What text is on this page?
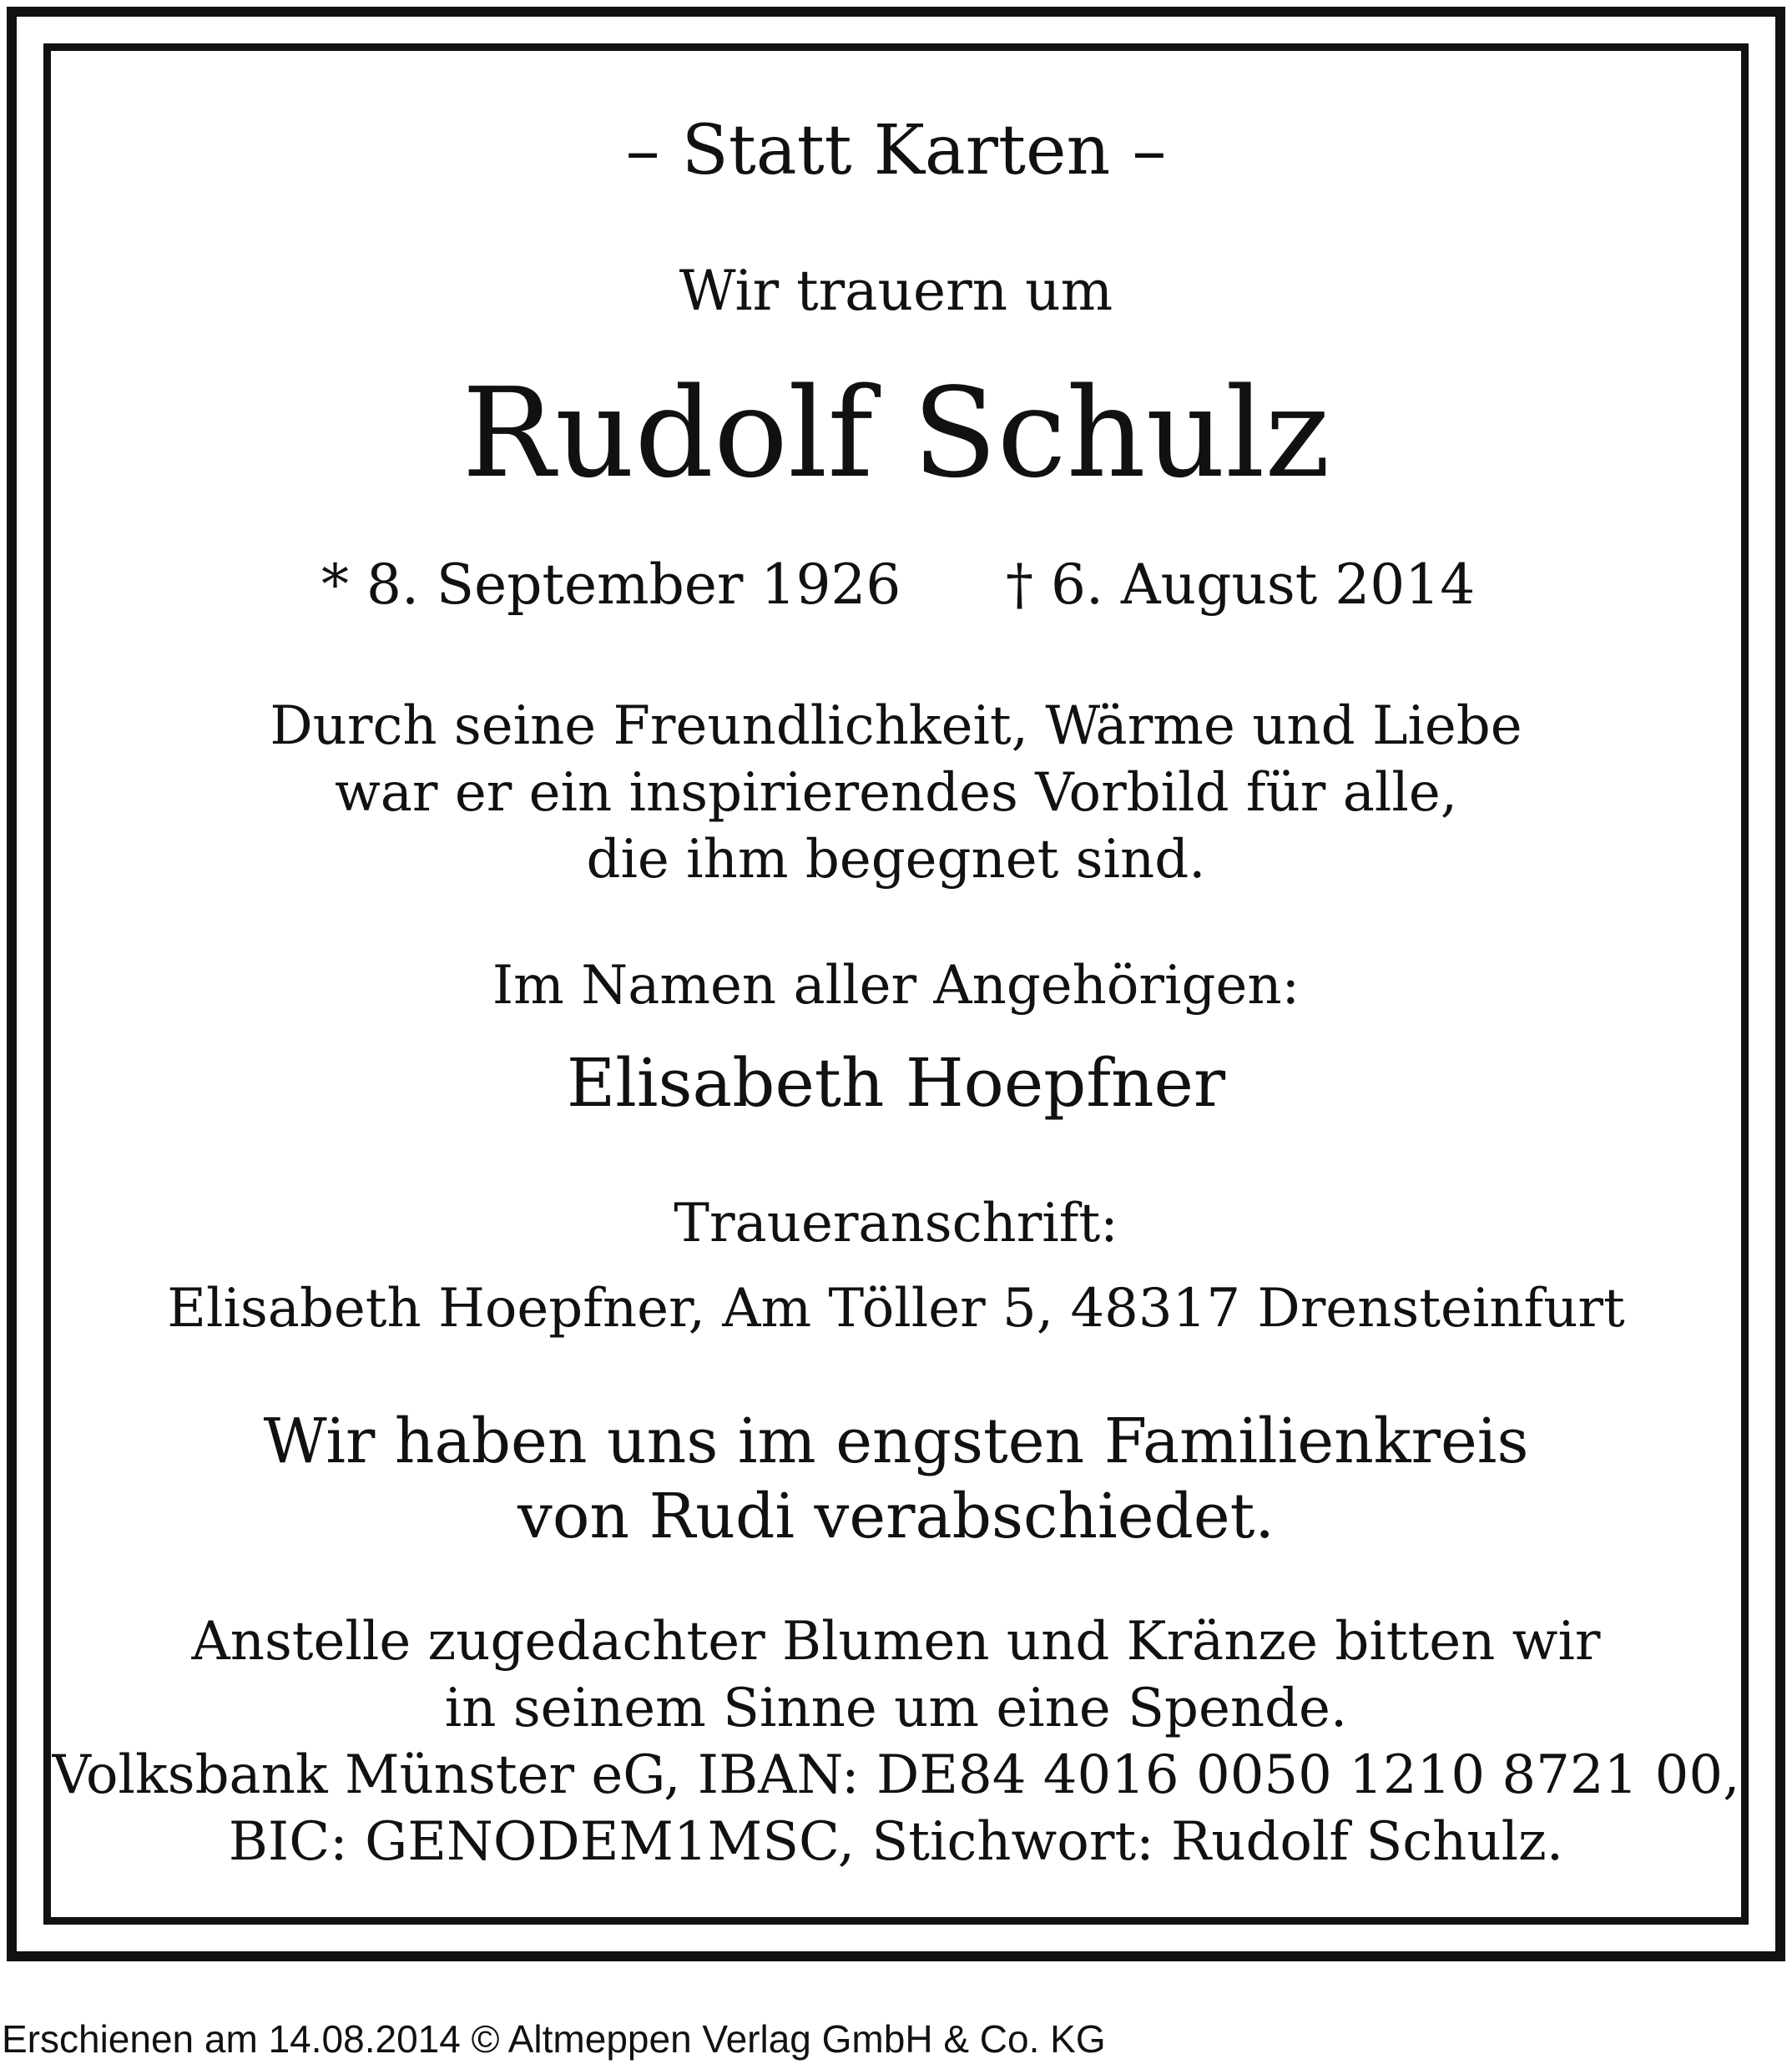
– Statt Karten –
Wir trauern um
Rudolf Schulz
* 8. September 1926 † 6. August 2014
Durch seine Freundlichkeit, Wärme und Liebe
war er ein inspirierendes Vorbild für alle,
die ihm begegnet sind.
Im Namen aller Angehörigen:
Elisabeth Hoepfner
Traueranschrift:
Elisabeth Hoepfner, Am Töller 5, 48317 Drensteinfurt
Wir haben uns im engsten Familienkreis
von Rudi verabschiedet.
Anstelle zugedachter Blumen und Kränze bitten wir
in seinem Sinne um eine Spende.
Volksbank Münster eG, IBAN: DE84 4016 0050 1210 8721 00,
BIC: GENODEM1MSC, Stichwort: Rudolf Schulz.
Erschienen am 14.08.2014 © Altmeppen Verlag GmbH & Co. KG
